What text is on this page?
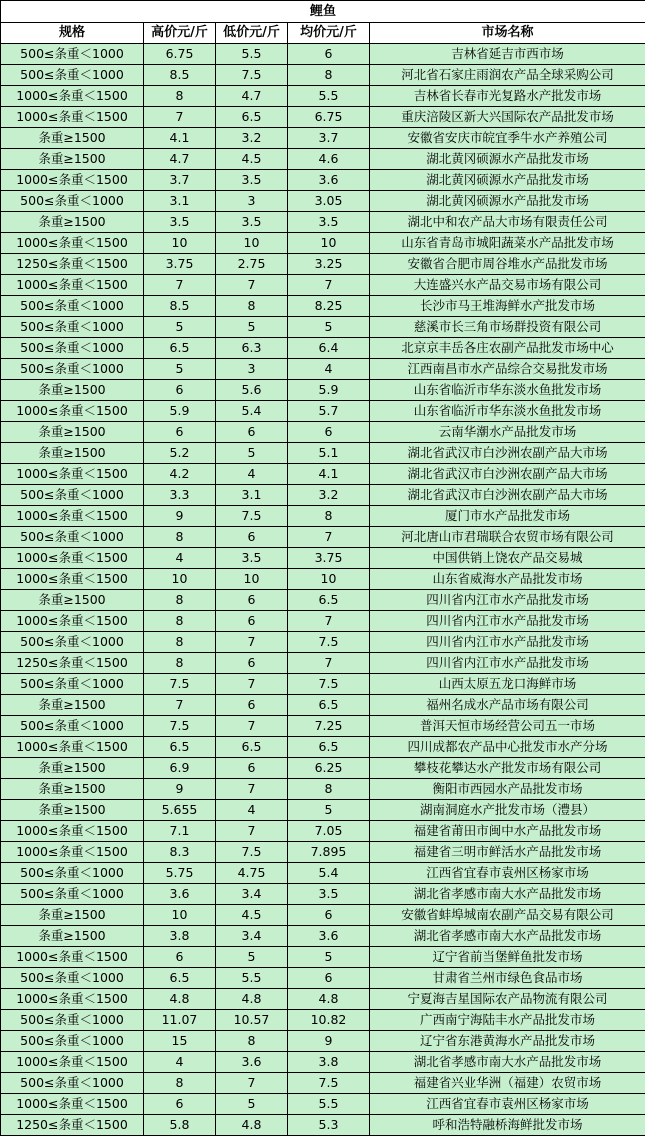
鲤鱼				
规格	高价元/斤	低价元/斤	均价元/斤	市场名称
500≤条重＜1000	6.75	5.5	6	吉林省延吉市西市场
500≤条重＜1000	8.5	7.5	8	河北省石家庄雨润农产品全球采购公司
1000≤条重＜1500	8	4.7	5.5	吉林省长春市光复路水产批发市场
1000≤条重＜1500	7	6.5	6.75	重庆涪陵区新大兴国际农产品批发市场
条重≥1500	4.1	3.2	3.7	安徽省安庆市皖宜季牛水产养殖公司
条重≥1500	4.7	4.5	4.6	湖北黄冈硕源水产品批发市场
1000≤条重＜1500	3.7	3.5	3.6	湖北黄冈硕源水产品批发市场
500≤条重＜1000	3.1	3	3.05	湖北黄冈硕源水产品批发市场
条重≥1500	3.5	3.5	3.5	湖北中和农产品大市场有限责任公司
1000≤条重＜1500	10	10	10	山东省青岛市城阳蔬菜水产品批发市场
1250≤条重＜1500	3.75	2.75	3.25	安徽省合肥市周谷堆水产品批发市场
1000≤条重＜1500	7	7	7	大连盛兴水产品交易市场有限公司
500≤条重＜1000	8.5	8	8.25	长沙市马王堆海鲜水产批发市场
500≤条重＜1000	5	5	5	慈溪市长三角市场群投资有限公司
500≤条重＜1000	6.5	6.3	6.4	北京京丰岳各庄农副产品批发市场中心
500≤条重＜1000	5	3	4	江西南昌市水产品综合交易批发市场
条重≥1500	6	5.6	5.9	山东省临沂市华东淡水鱼批发市场
1000≤条重＜1500	5.9	5.4	5.7	山东省临沂市华东淡水鱼批发市场
条重≥1500	6	6	6	云南华潮水产品批发市场
条重≥1500	5.2	5	5.1	湖北省武汉市白沙洲农副产品大市场
1000≤条重＜1500	4.2	4	4.1	湖北省武汉市白沙洲农副产品大市场
500≤条重＜1000	3.3	3.1	3.2	湖北省武汉市白沙洲农副产品大市场
1000≤条重＜1500	9	7.5	8	厦门市水产品批发市场
500≤条重＜1000	8	6	7	河北唐山市君瑞联合农贸市场有限公司
1000≤条重＜1500	4	3.5	3.75	中国供销上饶农产品交易城
1000≤条重＜1500	10	10	10	山东省威海水产品批发市场
条重≥1500	8	6	6.5	四川省内江市水产品批发市场
1000≤条重＜1500	8	6	7	四川省内江市水产品批发市场
500≤条重＜1000	8	7	7.5	四川省内江市水产品批发市场
1250≤条重＜1500	8	6	7	四川省内江市水产品批发市场
500≤条重＜1000	7.5	7	7.5	山西太原五龙口海鲜市场
条重≥1500	7	6	6.5	福州名成水产品市场有限公司
500≤条重＜1000	7.5	7	7.25	普洱天恒市场经营公司五一市场
1000≤条重＜1500	6.5	6.5	6.5	四川成都农产品中心批发市水产分场
条重≥1500	6.9	6	6.25	攀枝花攀达水产批发市场有限公司
条重≥1500	9	7	8	衡阳市西园水产品批发市场
条重≥1500	5.655	4	5	湖南洞庭水产批发市场（澧县）
1000≤条重＜1500	7.1	7	7.05	福建省莆田市闽中水产品批发市场
1000≤条重＜1500	8.3	7.5	7.895	福建省三明市鲜活水产品批发市场
500≤条重＜1000	5.75	4.75	5.4	江西省宜春市袁州区杨家市场
500≤条重＜1000	3.6	3.4	3.5	湖北省孝感市南大水产品批发市场
条重≥1500	10	4.5	6	安徽省蚌埠城南农副产品交易有限公司
条重≥1500	3.8	3.4	3.6	湖北省孝感市南大水产品批发市场
1000≤条重＜1500	6	5	5	辽宁省前当堡鲜鱼批发市场
500≤条重＜1000	6.5	5.5	6	甘肃省兰州市绿色食品市场
1000≤条重＜1500	4.8	4.8	4.8	宁夏海吉星国际农产品物流有限公司
500≤条重＜1000	11.07	10.57	10.82	广西南宁海陆丰水产品批发市场
500≤条重＜1000	15	8	9	辽宁省东港黄海水产品批发市场
1000≤条重＜1500	4	3.6	3.8	湖北省孝感市南大水产品批发市场
500≤条重＜1000	8	7	7.5	福建省兴业华洲（福建）农贸市场
1000≤条重＜1500	6	5	5.5	江西省宜春市袁州区杨家市场
1250≤条重＜1500	5.8	4.8	5.3	呼和浩特融桥海鲜批发市场
